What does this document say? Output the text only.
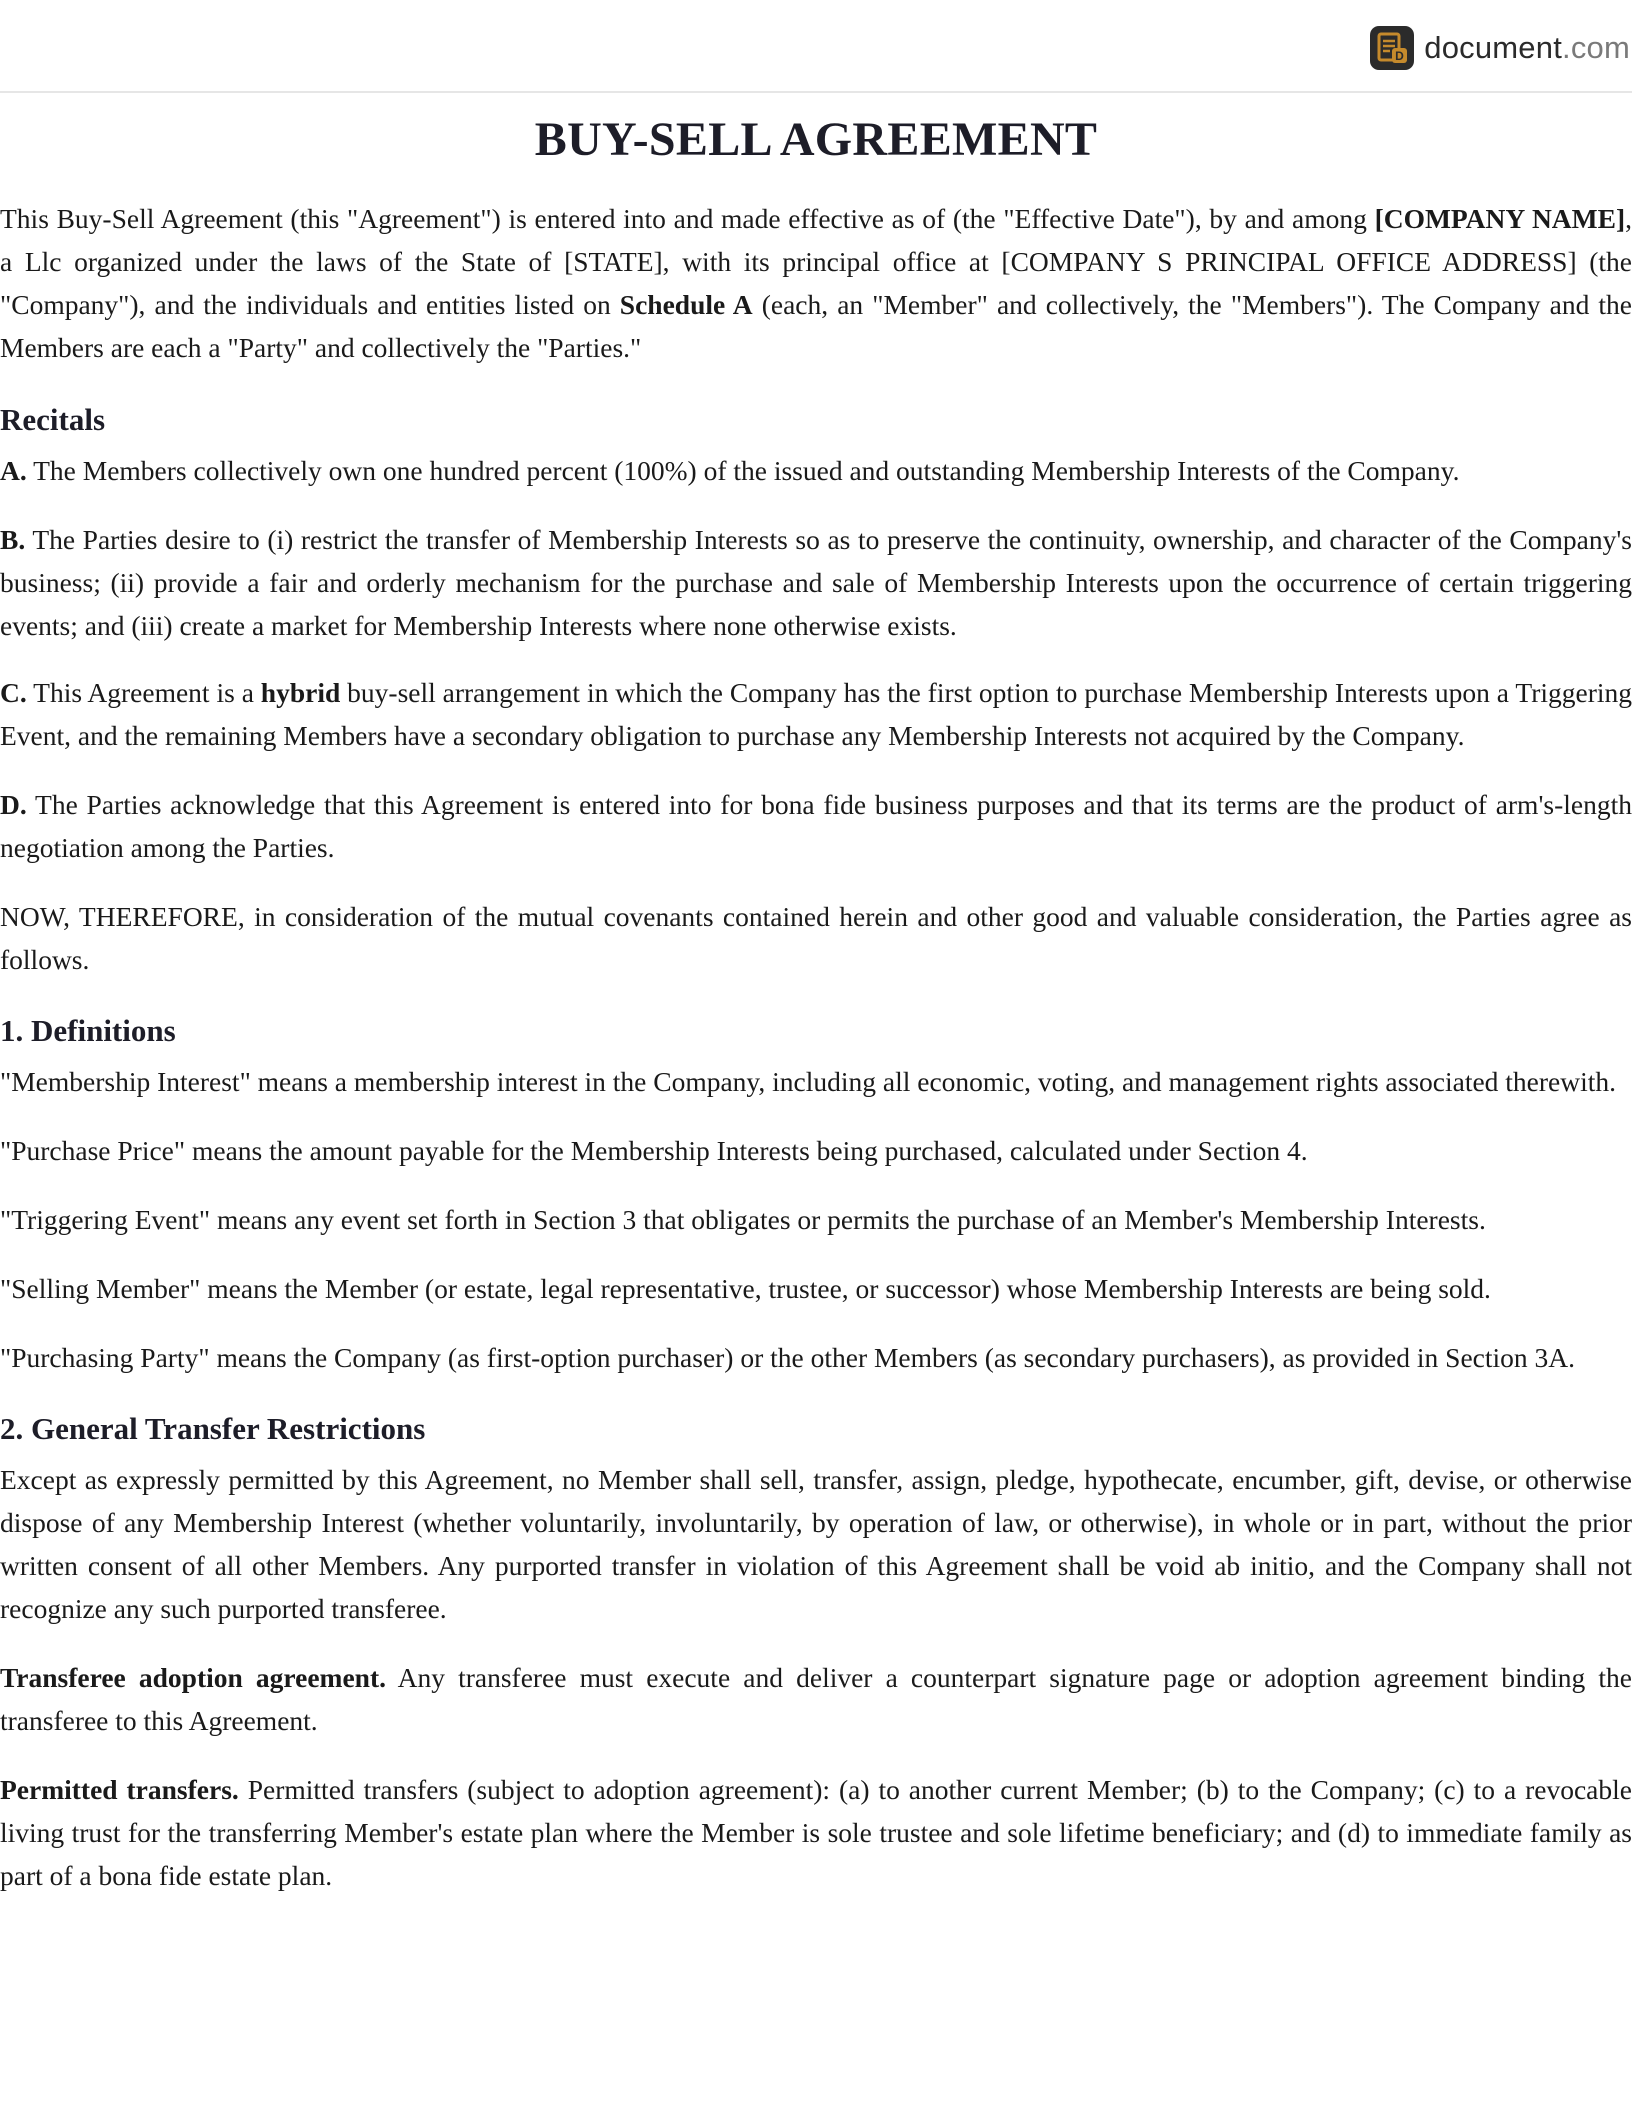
D document.com
BUY-SELL AGREEMENT

This Buy-Sell Agreement (this "Agreement") is entered into and made effective as of (the "Effective Date"), by and among [COMPANY NAME], a Llc organized under the laws of the State of [STATE], with its principal office at [COMPANY S PRINCIPAL OFFICE ADDRESS] (the "Company"), and the individuals and entities listed on Schedule A (each, an "Member" and collectively, the "Members"). The Company and the Members are each a "Party" and collectively the "Parties."

Recitals

A. The Members collectively own one hundred percent (100%) of the issued and outstanding Membership Interests of the Company.

B. The Parties desire to (i) restrict the transfer of Membership Interests so as to preserve the continuity, ownership, and character of the Company's business; (ii) provide a fair and orderly mechanism for the purchase and sale of Membership Interests upon the occurrence of certain triggering events; and (iii) create a market for Membership Interests where none otherwise exists.

C. This Agreement is a hybrid buy-sell arrangement in which the Company has the first option to purchase Membership Interests upon a Triggering Event, and the remaining Members have a secondary obligation to purchase any Membership Interests not acquired by the Company.

D. The Parties acknowledge that this Agreement is entered into for bona fide business purposes and that its terms are the product of arm's-length negotiation among the Parties.

NOW, THEREFORE, in consideration of the mutual covenants contained herein and other good and valuable consideration, the Parties agree as follows.

1. Definitions

"Membership Interest" means a membership interest in the Company, including all economic, voting, and management rights associated therewith.

"Purchase Price" means the amount payable for the Membership Interests being purchased, calculated under Section 4.

"Triggering Event" means any event set forth in Section 3 that obligates or permits the purchase of an Member's Membership Interests.

"Selling Member" means the Member (or estate, legal representative, trustee, or successor) whose Membership Interests are being sold.

"Purchasing Party" means the Company (as first-option purchaser) or the other Members (as secondary purchasers), as provided in Section 3A.

2. General Transfer Restrictions

Except as expressly permitted by this Agreement, no Member shall sell, transfer, assign, pledge, hypothecate, encumber, gift, devise, or otherwise dispose of any Membership Interest (whether voluntarily, involuntarily, by operation of law, or otherwise), in whole or in part, without the prior written consent of all other Members. Any purported transfer in violation of this Agreement shall be void ab initio, and the Company shall not recognize any such purported transferee.

Transferee adoption agreement. Any transferee must execute and deliver a counterpart signature page or adoption agreement binding the transferee to this Agreement.

Permitted transfers. Permitted transfers (subject to adoption agreement): (a) to another current Member; (b) to the Company; (c) to a revocable living trust for the transferring Member's estate plan where the Member is sole trustee and sole lifetime beneficiary; and (d) to immediate family as part of a bona fide estate plan.
